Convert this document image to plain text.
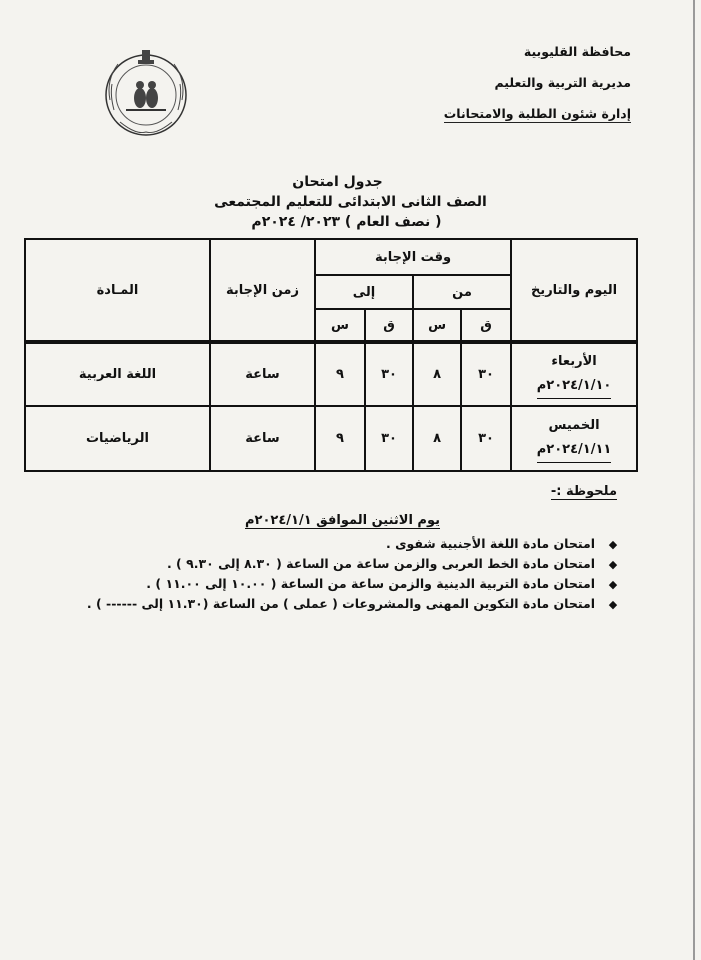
محافظة القليوبية
مديرية التربية والتعليم
إدارة شئون الطلبة والامتحانات
جدول امتحان
الصف الثانى الابتدائى للتعليم المجتمعى
( نصف العام ) ٢٠٢٣/ ٢٠٢٤م
اليوم والتاريخ	وقت الإجابة				زمن الإجابة	المـادة
	من		إلى			
	ق	س	ق	س		

الأربعاء
٢٠٢٤/١/١٠م	٣٠	٨	٣٠	٩	ساعة	اللغة العربية

الخميس
٢٠٢٤/١/١١م	٣٠	٨	٣٠	٩	ساعة	الرياضيات
ملحوظة :-
يوم الاثنين الموافق ٢٠٢٤/١/١م
◆امتحان مادة اللغة الأجنبية شفوى .
◆امتحان مادة الخط العربى والزمن ساعة من الساعة ( ٨.٣٠ إلى ٩.٣٠ ) .
◆امتحان مادة التربية الدينية والزمن ساعة من الساعة ( ١٠.٠٠ إلى ١١.٠٠ ) .
◆امتحان مادة التكوين المهنى والمشروعات ( عملى ) من الساعة (١١.٣٠ إلى ------ ) .
